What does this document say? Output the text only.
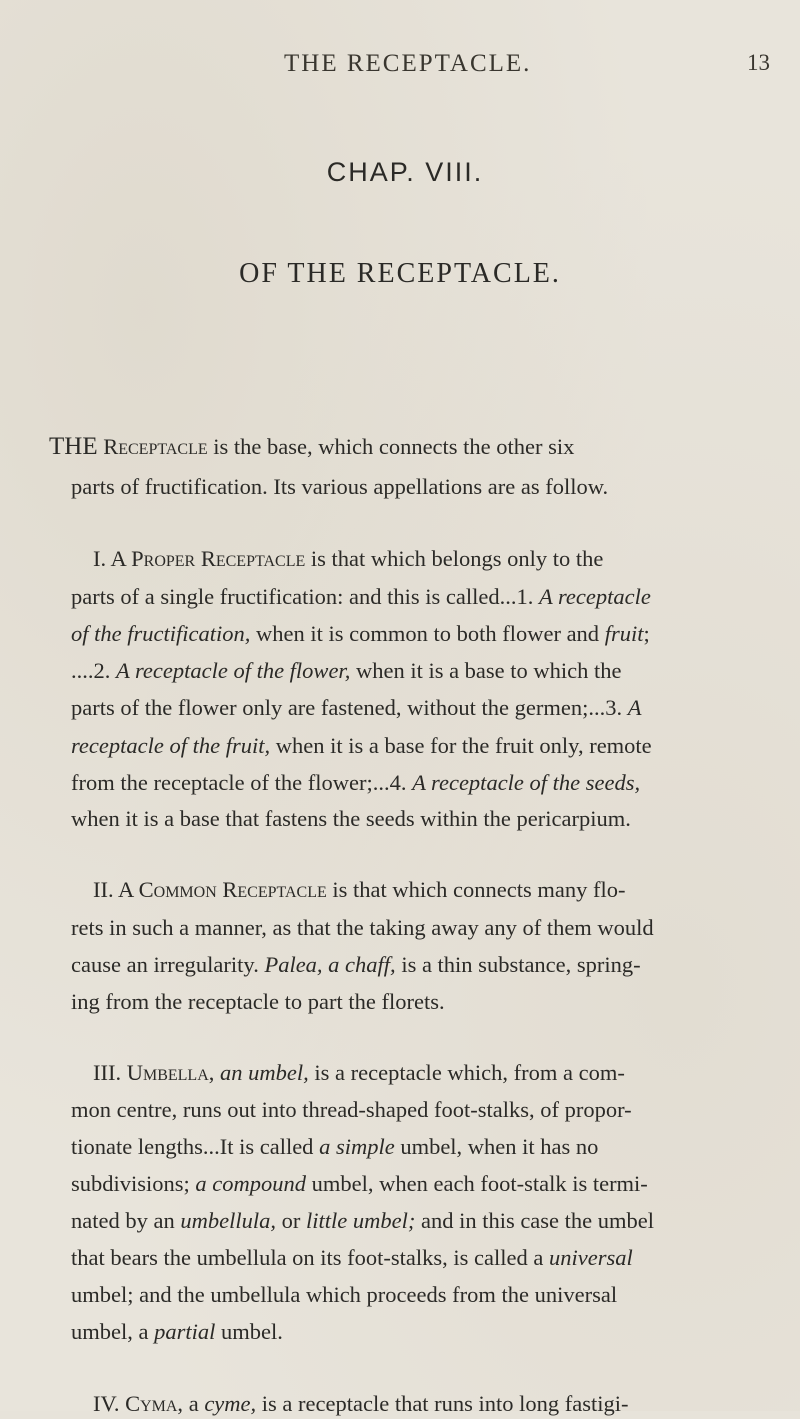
THE RECEPTACLE.	13
CHAP. VIII.
OF THE RECEPTACLE.
THE Receptacle is the base, which connects the other six
parts of fructification. Its various appellations are as follow.
I. A Proper Receptacle is that which belongs only to the
parts of a single fructification: and this is called...1. A receptacle
of the fructification, when it is common to both flower and fruit;
....2. A receptacle of the flower, when it is a base to which the
parts of the flower only are fastened, without the germen;...3. A
receptacle of the fruit, when it is a base for the fruit only, remote
from the receptacle of the flower;...4. A receptacle of the seeds,
when it is a base that fastens the seeds within the pericarpium.
II. A Common Receptacle is that which connects many flo-
rets in such a manner, as that the taking away any of them would
cause an irregularity. Palea, a chaff, is a thin substance, spring-
ing from the receptacle to part the florets.
III. Umbella, an umbel, is a receptacle which, from a com-
mon centre, runs out into thread-shaped foot-stalks, of propor-
tionate lengths...It is called a simple umbel, when it has no
subdivisions; a compound umbel, when each foot-stalk is termi-
nated by an umbellula, or little umbel; and in this case the umbel
that bears the umbellula on its foot-stalks, is called a universal
umbel; and the umbellula which proceeds from the universal
umbel, a partial umbel.
IV. Cyma, a cyme, is a receptacle that runs into long fastigi-
